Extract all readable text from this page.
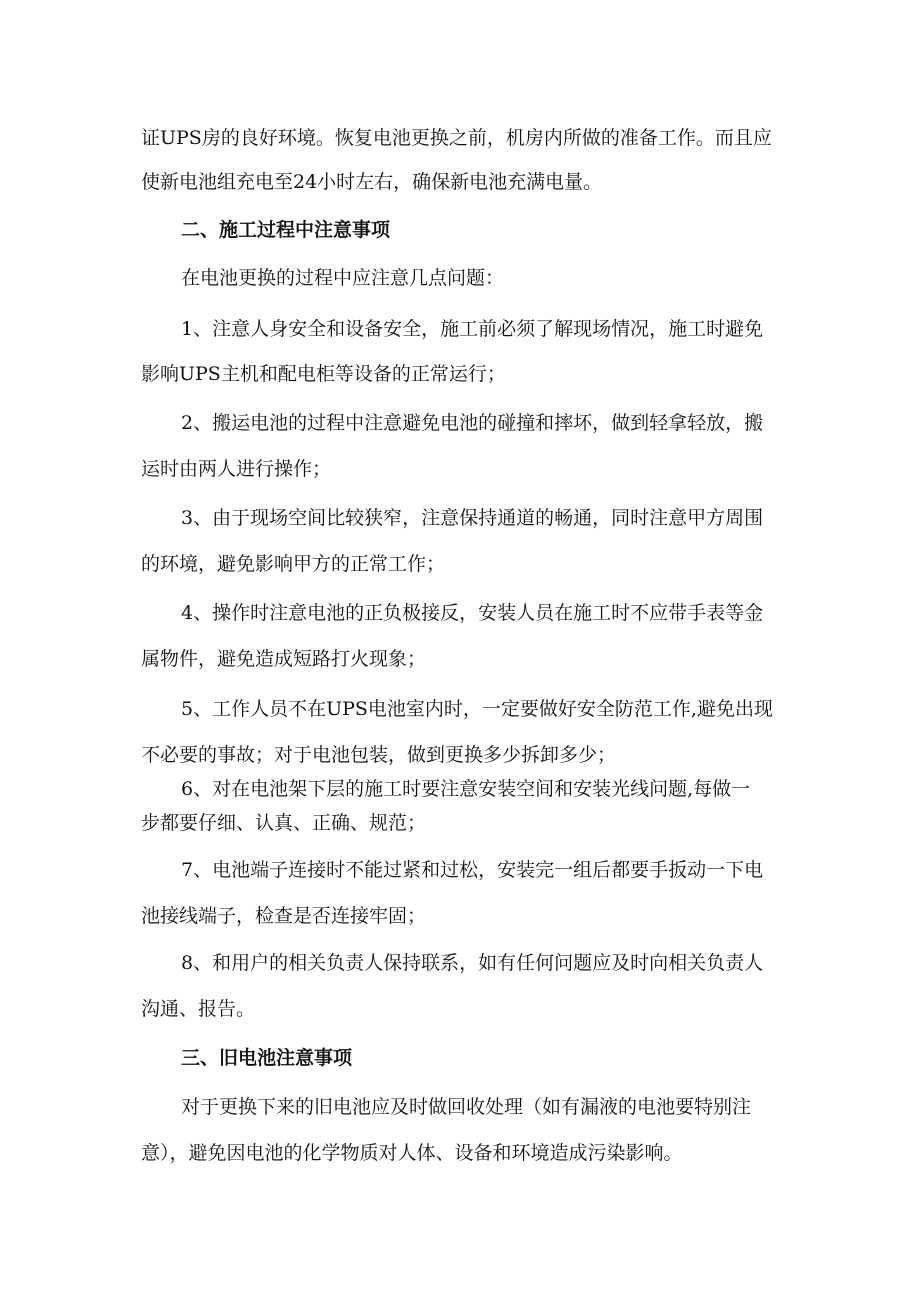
证UPS房的良好环境。恢复电池更换之前，机房内所做的准备工作。而且应
使新电池组充电至24小时左右，确保新电池充满电量。
二、施工过程中注意事项
在电池更换的过程中应注意几点问题：
1、注意人身安全和设备安全，施工前必须了解现场情况，施工时避免
影响UPS主机和配电柜等设备的正常运行；
2、搬运电池的过程中注意避免电池的碰撞和摔坏，做到轻拿轻放，搬
运时由两人进行操作；
3、由于现场空间比较狭窄，注意保持通道的畅通，同时注意甲方周围
的环境，避免影响甲方的正常工作；
4、操作时注意电池的正负极接反，安装人员在施工时不应带手表等金
属物件，避免造成短路打火现象；
5、工作人员不在UPS电池室内时，一定要做好安全防范工作,避免出现
不必要的事故；对于电池包装，做到更换多少拆卸多少；
6、对在电池架下层的施工时要注意安装空间和安装光线问题,每做一
步都要仔细、认真、正确、规范；
7、电池端子连接时不能过紧和过松，安装完一组后都要手扳动一下电
池接线端子，检查是否连接牢固；
8、和用户的相关负责人保持联系，如有任何问题应及时向相关负责人
沟通、报告。
三、旧电池注意事项
对于更换下来的旧电池应及时做回收处理（如有漏液的电池要特别注
意），避免因电池的化学物质对人体、设备和环境造成污染影响。
